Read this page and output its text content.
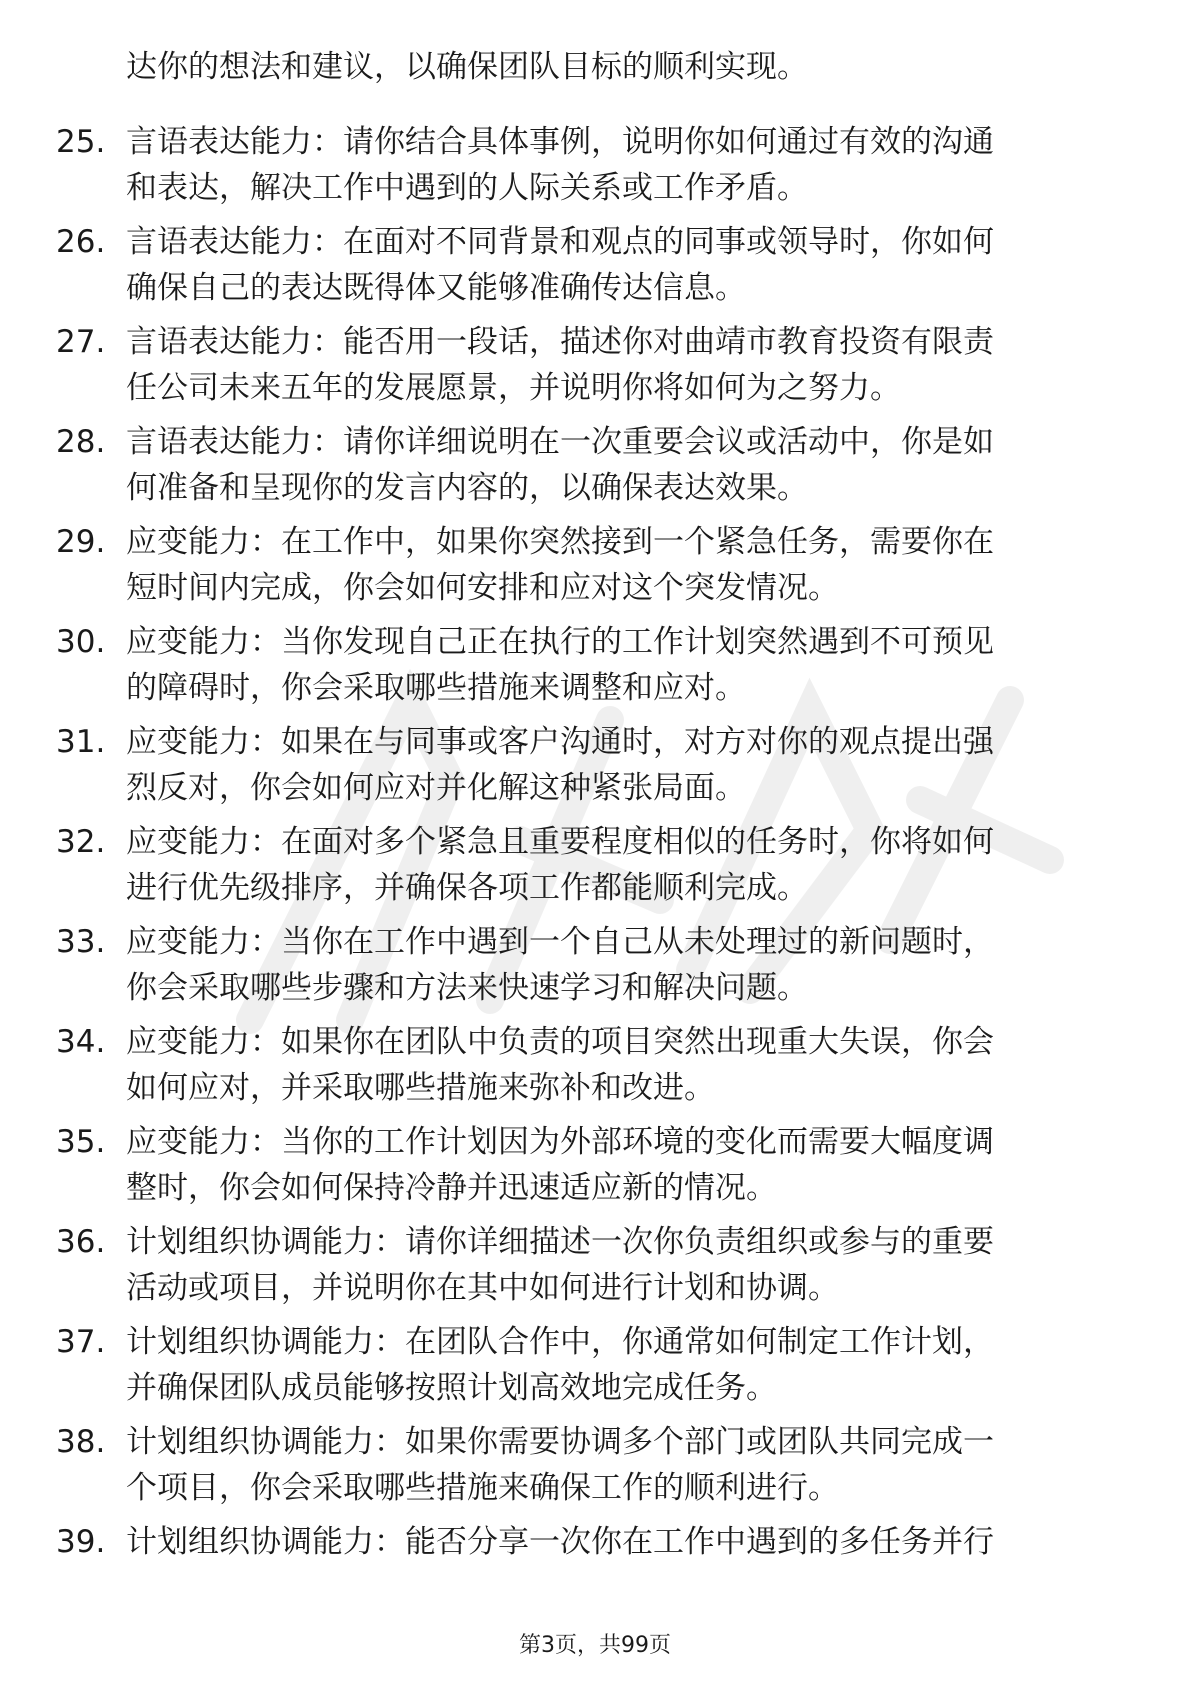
达你的想法和建议，以确保团队目标的顺利实现。
25. 言语表达能力：请你结合具体事例，说明你如何通过有效的沟通
和表达，解决工作中遇到的人际关系或工作矛盾。
26. 言语表达能力：在面对不同背景和观点的同事或领导时，你如何
确保自己的表达既得体又能够准确传达信息。
27. 言语表达能力：能否用一段话，描述你对曲靖市教育投资有限责
任公司未来五年的发展愿景，并说明你将如何为之努力。
28. 言语表达能力：请你详细说明在一次重要会议或活动中，你是如
何准备和呈现你的发言内容的，以确保表达效果。
29. 应变能力：在工作中，如果你突然接到一个紧急任务，需要你在
短时间内完成，你会如何安排和应对这个突发情况。
30. 应变能力：当你发现自己正在执行的工作计划突然遇到不可预见
的障碍时，你会采取哪些措施来调整和应对。
31. 应变能力：如果在与同事或客户沟通时，对方对你的观点提出强
烈反对，你会如何应对并化解这种紧张局面。
32. 应变能力：在面对多个紧急且重要程度相似的任务时，你将如何
进行优先级排序，并确保各项工作都能顺利完成。
33. 应变能力：当你在工作中遇到一个自己从未处理过的新问题时，
你会采取哪些步骤和方法来快速学习和解决问题。
34. 应变能力：如果你在团队中负责的项目突然出现重大失误，你会
如何应对，并采取哪些措施来弥补和改进。
35. 应变能力：当你的工作计划因为外部环境的变化而需要大幅度调
整时，你会如何保持冷静并迅速适应新的情况。
36. 计划组织协调能力：请你详细描述一次你负责组织或参与的重要
活动或项目，并说明你在其中如何进行计划和协调。
37. 计划组织协调能力：在团队合作中，你通常如何制定工作计划，
并确保团队成员能够按照计划高效地完成任务。
38. 计划组织协调能力：如果你需要协调多个部门或团队共同完成一
个项目，你会采取哪些措施来确保工作的顺利进行。
39. 计划组织协调能力：能否分享一次你在工作中遇到的多任务并行
第3页，共99页
